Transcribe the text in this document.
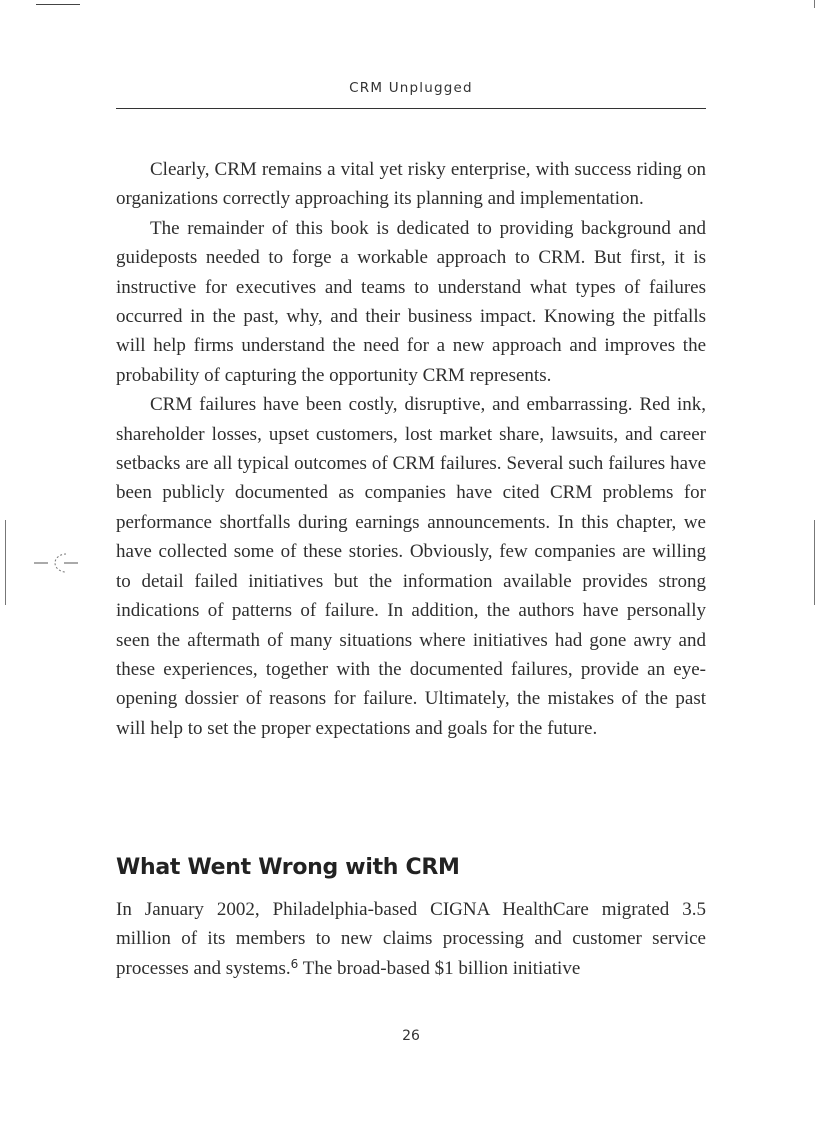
CRM Unplugged

Clearly, CRM remains a vital yet risky enterprise, with success riding on organizations correctly approaching its planning and implementation.

The remainder of this book is dedicated to providing background and guideposts needed to forge a workable approach to CRM. But first, it is instructive for executives and teams to understand what types of failures occurred in the past, why, and their business impact. Knowing the pitfalls will help firms understand the need for a new approach and improves the probability of capturing the opportunity CRM represents.

CRM failures have been costly, disruptive, and embarrassing. Red ink, shareholder losses, upset customers, lost market share, lawsuits, and career setbacks are all typical outcomes of CRM failures. Several such failures have been publicly documented as companies have cited CRM problems for performance shortfalls during earnings announcements. In this chapter, we have collected some of these stories. Obviously, few companies are willing to detail failed initiatives but the information available provides strong indications of patterns of failure. In addition, the authors have personally seen the aftermath of many situations where initiatives had gone awry and these experiences, together with the documented failures, provide an eye-opening dossier of reasons for failure. Ultimately, the mistakes of the past will help to set the proper expectations and goals for the future.

What Went Wrong with CRM

In January 2002, Philadelphia-based CIGNA HealthCare migrated 3.5 million of its members to new claims processing and customer service processes and systems.$^6$ The broad-based $1 billion initiative

26
